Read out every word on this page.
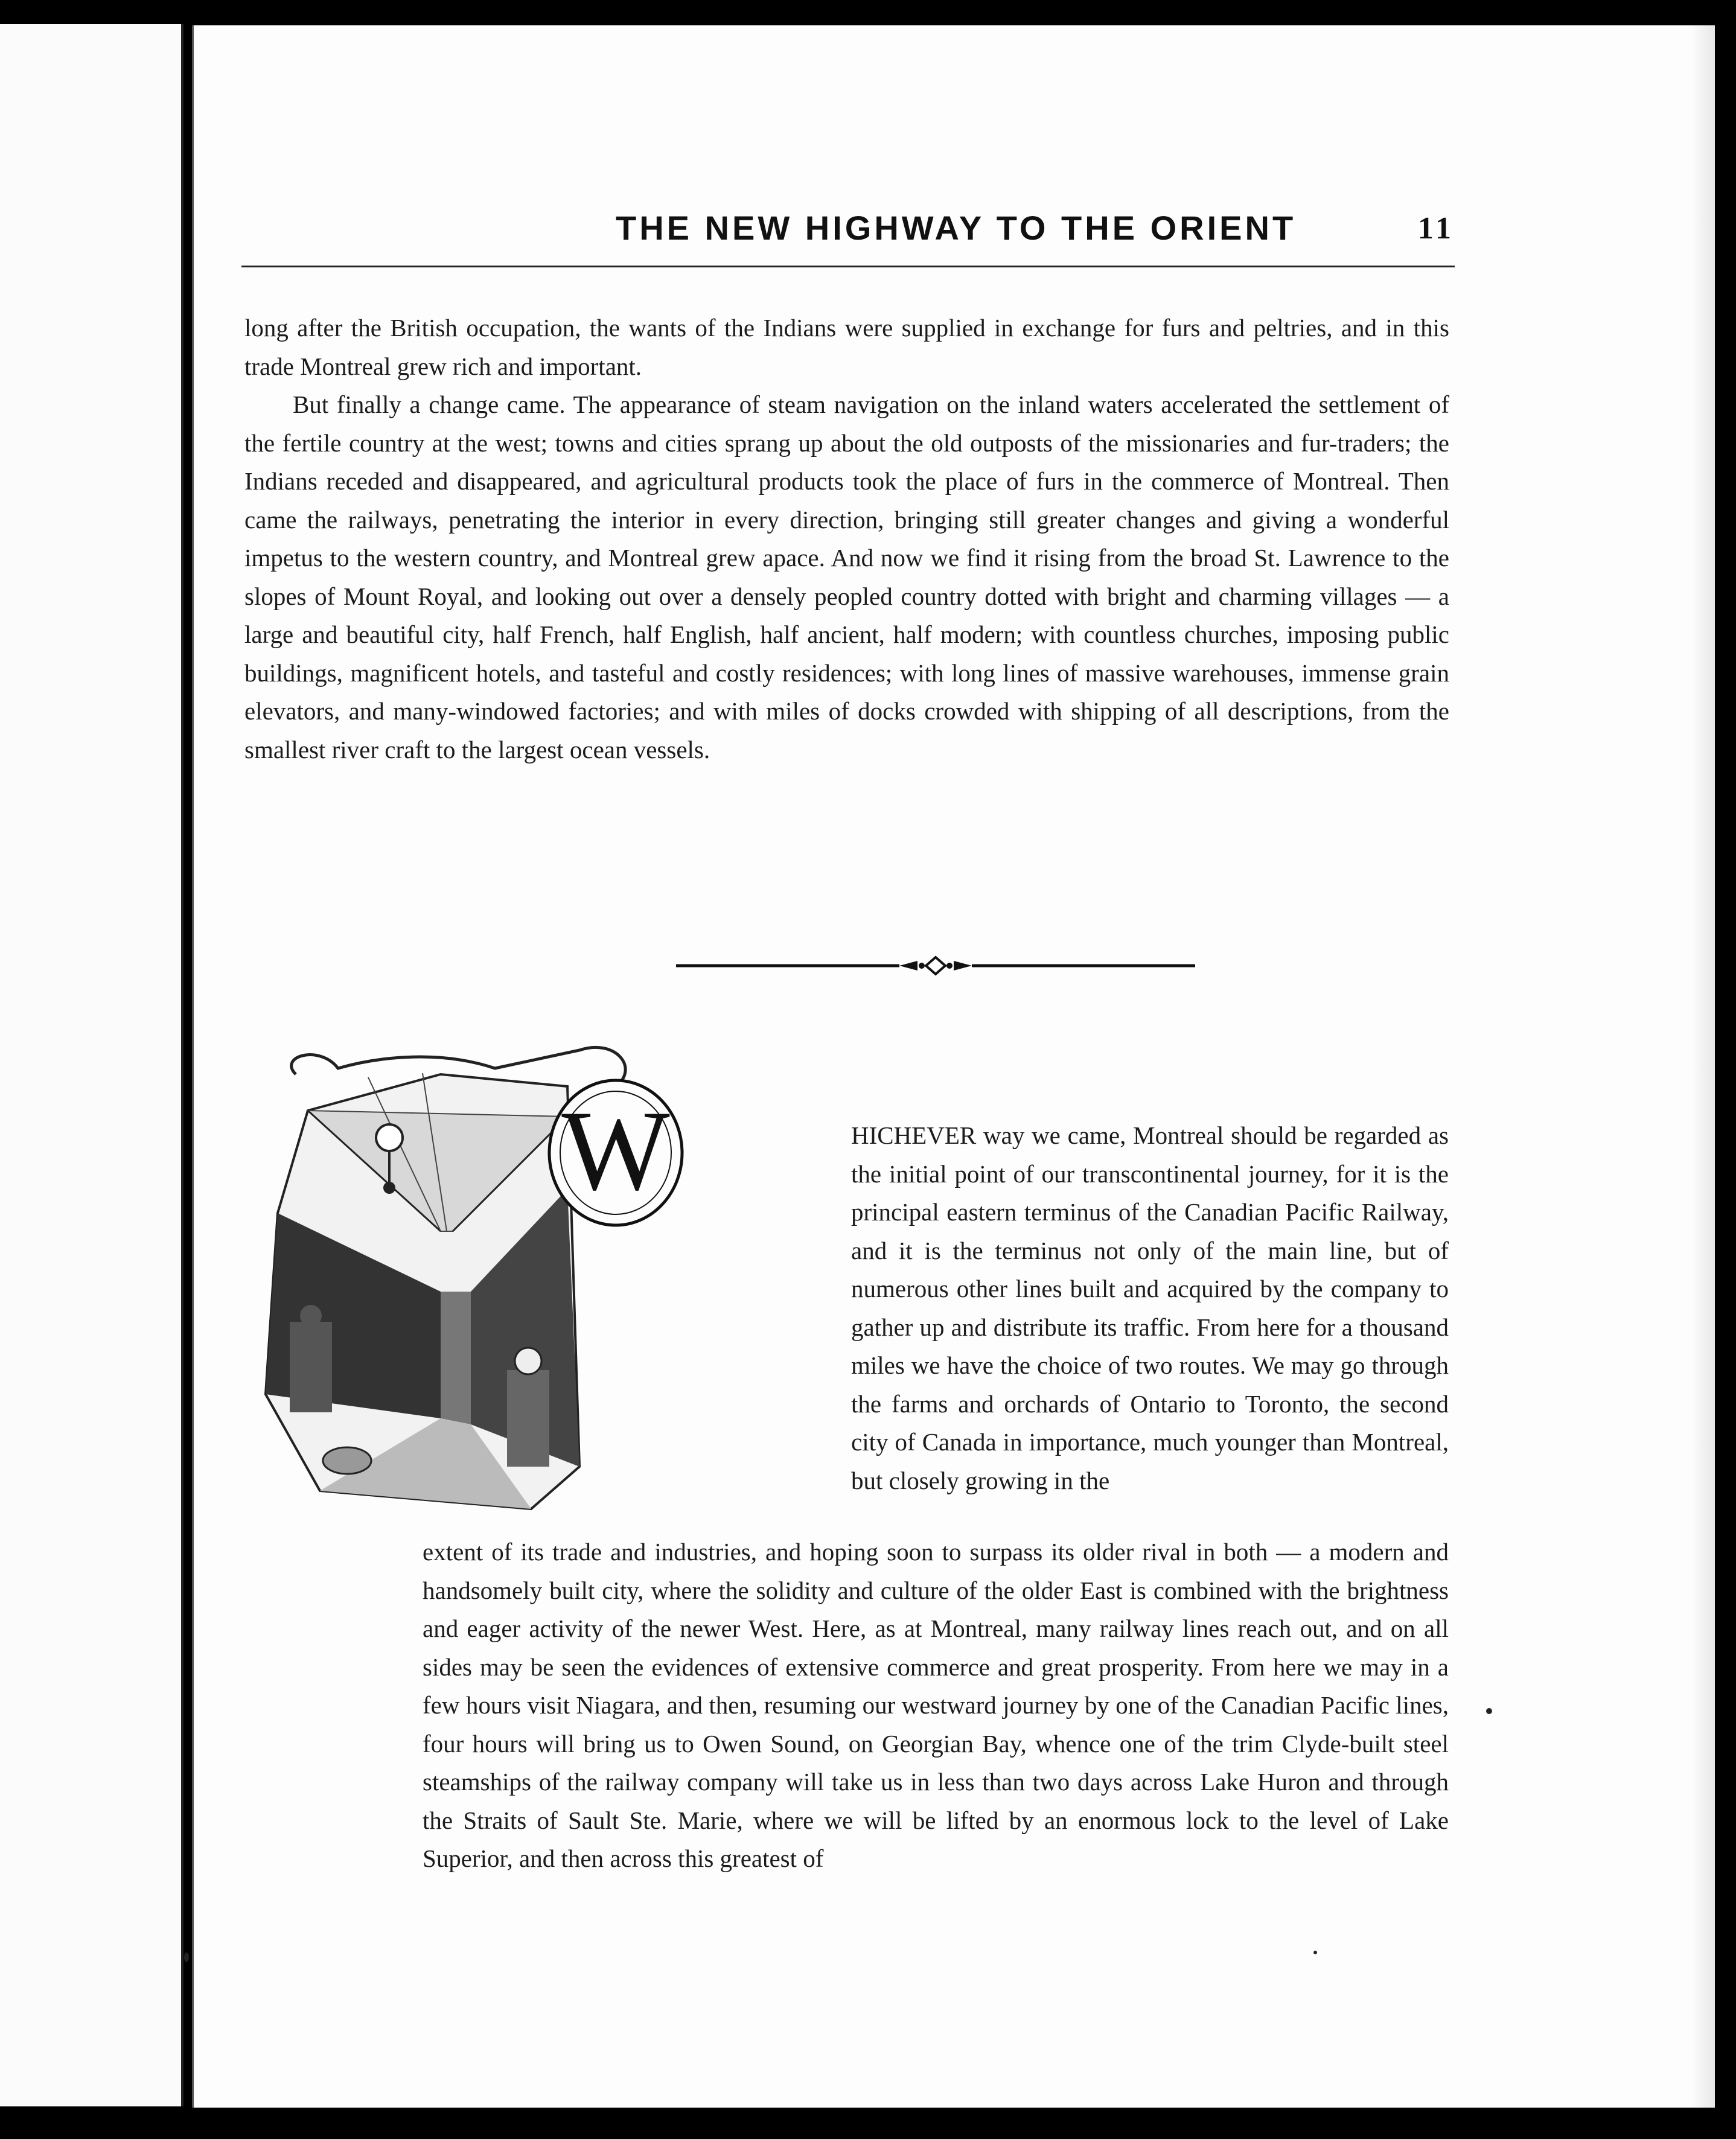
THE NEW HIGHWAY TO THE ORIENT	11

long after the British occupation, the wants of the Indians were supplied in exchange for furs and peltries, and in this trade Montreal grew rich and important.

But finally a change came. The appearance of steam navigation on the inland waters accelerated the settlement of the fertile country at the west; towns and cities sprang up about the old outposts of the missionaries and fur-traders; the Indians receded and disappeared, and agricultural products took the place of furs in the commerce of Montreal. Then came the railways, penetrating the interior in every direction, bringing still greater changes and giving a wonderful impetus to the western country, and Montreal grew apace. And now we find it rising from the broad St. Lawrence to the slopes of Mount Royal, and looking out over a densely peopled country dotted with bright and charming villages — a large and beautiful city, half French, half English, half ancient, half modern; with countless churches, imposing public buildings, magnificent hotels, and tasteful and costly residences; with long lines of massive warehouses, immense grain elevators, and many-windowed factories; and with miles of docks crowded with shipping of all descriptions, from the smallest river craft to the largest ocean vessels.

W	HICHEVER way we came, Montreal should be regarded as the initial point of our transcontinental journey, for it is the principal eastern terminus of the Canadian Pacific Railway, and it is the terminus not only of the main line, but of numerous other lines built and acquired by the company to gather up and distribute its traffic. From here for a thousand miles we have the choice of two routes. We may go through the farms and orchards of Ontario to Toronto, the second city of Canada in importance, much younger than Montreal, but closely growing in the

extent of its trade and industries, and hoping soon to surpass its older rival in both — a modern and handsomely built city, where the solidity and culture of the older East is combined with the brightness and eager activity of the newer West. Here, as at Montreal, many railway lines reach out, and on all sides may be seen the evidences of extensive commerce and great prosperity. From here we may in a few hours visit Niagara, and then, resuming our westward journey by one of the Canadian Pacific lines, four hours will bring us to Owen Sound, on Georgian Bay, whence one of the trim Clyde-built steel steamships of the railway company will take us in less than two days across Lake Huron and through the Straits of Sault Ste. Marie, where we will be lifted by an enormous lock to the level of Lake Superior, and then across this greatest of
